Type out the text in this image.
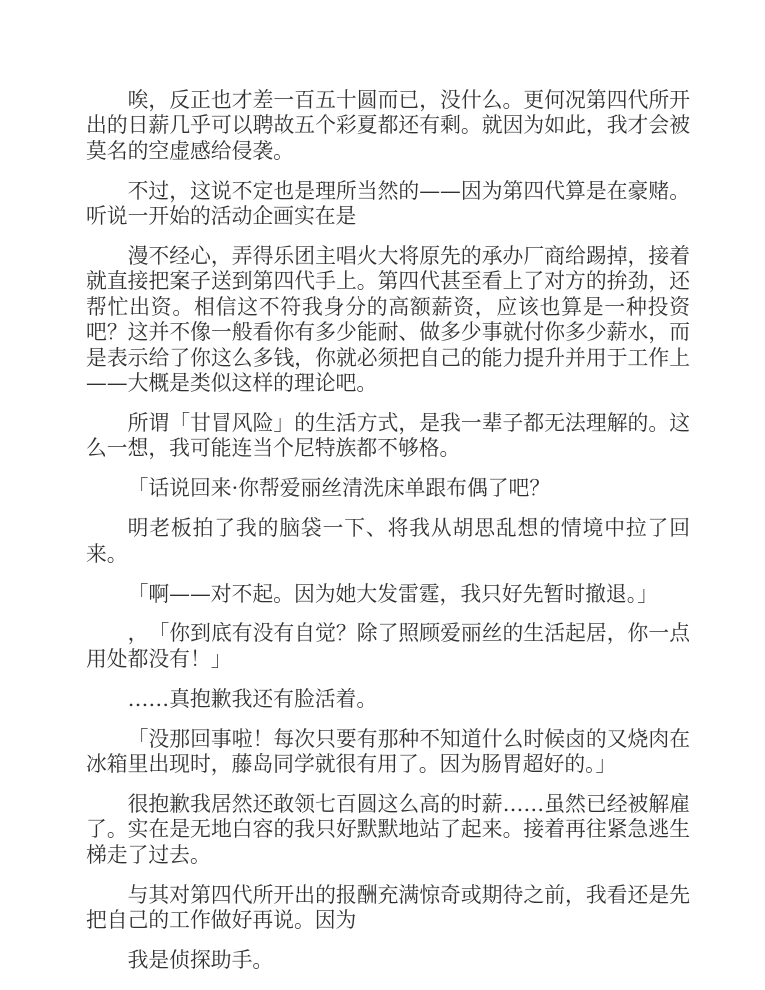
唉，反正也才差一百五十圆而已，没什么。更何况第四代所开出的日薪几乎可以聘故五个彩夏都还有剩。就因为如此，我才会被莫名的空虚感给侵袭。

不过，这说不定也是理所当然的——因为第四代算是在豪赌。听说一开始的活动企画实在是

漫不经心，弄得乐团主唱火大将原先的承办厂商给踢掉，接着就直接把案子送到第四代手上。第四代甚至看上了对方的拚劲，还帮忙出资。相信这不符我身分的高额薪资，应该也算是一种投资吧？这并不像一般看你有多少能耐、做多少事就付你多少薪水，而是表示给了你这么多钱，你就必须把自己的能力提升并用于工作上——大概是类似这样的理论吧。

所谓「甘冒风险」的生活方式，是我一辈子都无法理解的。这么一想，我可能连当个尼特族都不够格。

「话说回来·你帮爱丽丝清洗床单跟布偶了吧？

明老板拍了我的脑袋一下、将我从胡思乱想的情境中拉了回来。

「啊——对不起。因为她大发雷霆，我只好先暂时撤退。」

，　「你到底有没有自觉？除了照顾爱丽丝的生活起居，你一点用处都没有！」

……真抱歉我还有脸活着。

「没那回事啦！每次只要有那种不知道什么时候卤的又烧肉在冰箱里出现时，藤岛同学就很有用了。因为肠胃超好的。」

很抱歉我居然还敢领七百圆这么高的时薪……虽然已经被解雇了。实在是无地白容的我只好默默地站了起来。接着再往紧急逃生梯走了过去。

与其对第四代所开出的报酬充满惊奇或期待之前，我看还是先把自己的工作做好再说。因为

我是侦探助手。
